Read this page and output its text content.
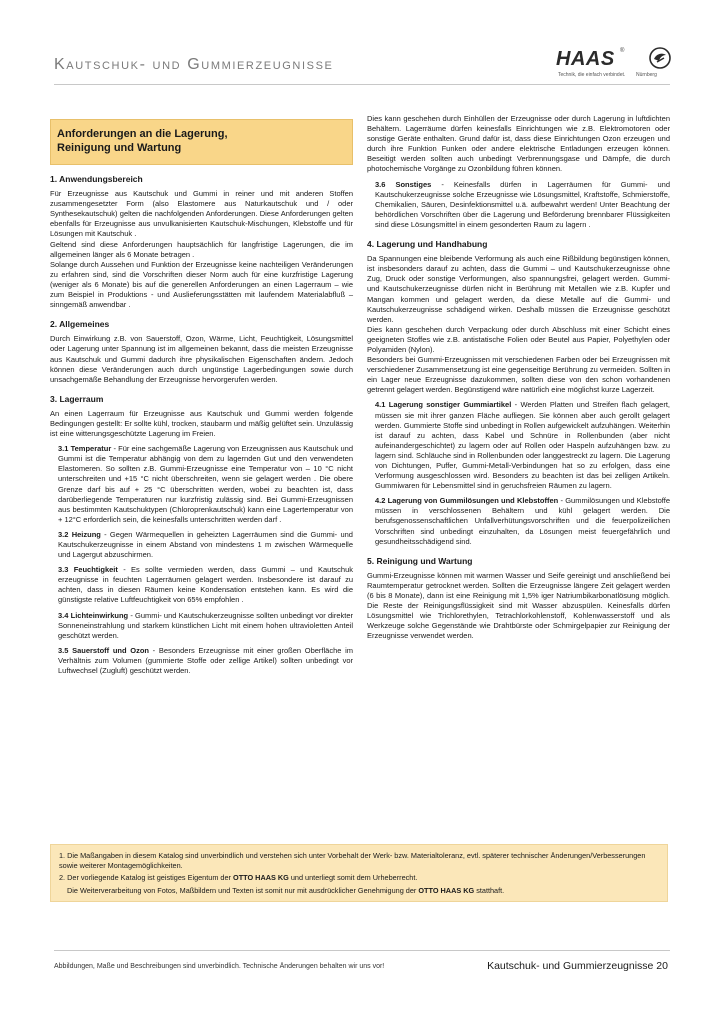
Kautschuk- und Gummierzeugnisse	HAAS ®
Technik, die einfach verbindet. Nürnberg
Anforderungen an die Lagerung,
Reinigung und Wartung

1. Anwendungsbereich

Für Erzeugnisse aus Kautschuk und Gummi in reiner und mit anderen Stoffen zusammengesetzter Form (also Elastomere aus Naturkautschuk und / oder Synthesekautschuk) gelten die nachfolgenden Anforderungen. Diese Anforderungen gelten ebenfalls für Erzeugnisse aus unvulkanisierten Kautschuk-Mischungen, Klebstoffe und für Lösungen mit Kautschuk .

Geltend sind diese Anforderungen hauptsächlich für langfristige Lagerungen, die im allgemeinen länger als 6 Monate betragen .

Solange durch Aussehen und Funktion der Erzeugnisse keine nachteiligen Veränderungen zu erfahren sind, sind die Vorschriften dieser Norm auch für eine kurzfristige Lagerung (weniger als 6 Monate) bis auf die generellen Anforderungen an einen Lagerraum – wie zum Beispiel in Produktions - und Auslieferungsstätten mit laufendem Materialabfluß – sinngemäß anwendbar .

2. Allgemeines

Durch Einwirkung z.B. von Sauerstoff, Ozon, Wärme, Licht, Feuchtigkeit, Lösungsmittel oder Lagerung unter Spannung ist im allgemeinen bekannt, dass die meisten Erzeugnisse aus Kautschuk und Gummi dadurch ihre physikalischen Eigenschaften ändern. Jedoch können diese Veränderungen auch durch ungünstige Lagerbedingungen sowie durch unsachgemäße Behandlung der Erzeugnisse hervorgerufen werden.

3. Lagerraum

An einen Lagerraum für Erzeugnisse aus Kautschuk und Gummi werden folgende Bedingungen gestellt: Er sollte kühl, trocken, staubarm und mäßig gelüftet sein. Unzulässig ist eine witterungsgeschützte Lagerung im Freien.

3.1 Temperatur - Für eine sachgemäße Lagerung von Erzeugnissen aus Kautschuk und Gummi ist die Temperatur abhängig von dem zu lagernden Gut und den verwendeten Elastomeren. So sollten z.B. Gummi-Erzeugnisse eine Temperatur von – 10 °C nicht unterschreiten und +15 °C nicht überschreiten, wenn sie gelagert werden . Die obere Grenze darf bis auf + 25 °C überschritten werden, wobei zu beachten ist, dass darüberliegende Temperaturen nur kurzfristig zulässig sind. Bei Gummi-Erzeugnissen aus bestimmten Kautschuktypen (Chloroprenkautschuk) kann eine Lagertemperatur von + 12°C erforderlich sein, die keinesfalls unterschritten werden darf .

3.2 Heizung - Gegen Wärmequellen in geheizten Lagerräumen sind die Gummi- und Kautschukerzeugnisse in einem Abstand von mindestens 1 m zwischen Wärmequelle und Lagergut abzuschirmen.

3.3 Feuchtigkeit - Es sollte vermieden werden, dass Gummi – und Kautschuk erzeugnisse in feuchten Lagerräumen gelagert werden. Insbesondere ist darauf zu achten, dass in diesen Räumen keine Kondensation entstehen kann. Es wird die günstigste relative Luftfeuchtigkeit von 65% empfohlen .

3.4 Lichteinwirkung - Gummi- und Kautschukerzeugnisse sollten unbedingt vor direkter Sonneneinstrahlung und starkem künstlichen Licht mit einem hohen ultravioletten Anteil geschützt werden.

3.5 Sauerstoff und Ozon - Besonders Erzeugnisse mit einer großen Oberfläche im Verhältnis zum Volumen (gummierte Stoffe oder zellige Artikel) sollten unbedingt vor Luftwechsel (Zugluft) geschützt werden.

Dies kann geschehen durch Einhüllen der Erzeugnisse oder durch Lagerung in luftdichten Behältern. Lagerräume dürfen keinesfalls Einrichtungen wie z.B. Elektromotoren oder sonstige Geräte enthalten. Grund dafür ist, dass diese Einrichtungen Ozon erzeugen und durch ihre Funktion Funken oder andere elektrische Entladungen erzeugen können. Beseitigt werden sollten auch unbedingt Verbrennungsgase und Dämpfe, die durch photochemische Vorgänge zu Ozonbildung führen können.

3.6 Sonstiges - Keinesfalls dürfen in Lagerräumen für Gummi- und Kautschukerzeugnisse solche Erzeugnisse wie Lösungsmittel, Kraftstoffe, Schmierstoffe, Chemikalien, Säuren, Desinfektionsmittel u.ä. aufbewahrt werden! Unter Beachtung der behördlichen Vorschriften über die Lagerung und Beförderung brennbarer Flüssigkeiten sind diese Lösungsmittel in einem gesonderten Raum zu lagern .

4. Lagerung und Handhabung

Da Spannungen eine bleibende Verformung als auch eine Rißbildung begünstigen können, ist insbesonders darauf zu achten, dass die Gummi – und Kautschukerzeugnisse ohne Zug, Druck oder sonstige Verformungen, also spannungsfrei, gelagert werden. Gummi- und Kautschukerzeugnisse dürfen nicht in Berührung mit Metallen wie z.B. Kupfer und Mangan kommen und gelagert werden, da diese Metalle auf die Gummi- und Kautschukerzeugnisse schädigend wirken. Deshalb müssen die Erzeugnisse geschützt werden.

Dies kann geschehen durch Verpackung oder durch Abschluss mit einer Schicht eines geeigneten Stoffes wie z.B. antistatische Folien oder Beutel aus Papier, Polyethylen oder Polyamiden (Nylon).

Besonders bei Gummi-Erzeugnissen mit verschiedenen Farben oder bei Erzeugnissen mit verschiedener Zusammensetzung ist eine gegenseitige Berührung zu vermeiden. Sollten in ein Lager neue Erzeugnisse dazukommen, sollten diese von den schon vorhandenen getrennt gelagert werden. Begünstigend wäre natürlich eine möglichst kurze Lagerzeit.

4.1 Lagerung sonstiger Gummiartikel - Werden Platten und Streifen flach gelagert, müssen sie mit ihrer ganzen Fläche aufliegen. Sie können aber auch gerollt gelagert werden. Gummierte Stoffe sind unbedingt in Rollen aufgewickelt aufzuhängen. Weiterhin ist darauf zu achten, dass Kabel und Schnüre in Rollenbunden (aber nicht aufeinandergeschichtet) zu lagern oder auf Rollen oder Haspeln aufzuhängen bzw. zu lagern sind. Schläuche sind in Rollenbunden oder langgestreckt zu lagern. Die Lagerung von Dichtungen, Puffer, Gummi-Metall-Verbindungen hat so zu erfolgen, dass eine Verformung ausgeschlossen wird. Besonders zu beachten ist das bei zelligen Artikeln. Gummiwaren für Lebensmittel sind in geruchsfreien Räumen zu lagern.

4.2 Lagerung von Gummilösungen und Klebstoffen - Gummilösungen und Klebstoffe müssen in verschlossenen Behältern und kühl gelagert werden. Die berufsgenossenschaftlichen Unfallverhütungsvorschriften und die feuerpolizeilichen Vorschriften sind unbedingt einzuhalten, da Lösungen meist feuergefährlich und gesundheitsschädigend sind.

5. Reinigung und Wartung

Gummi-Erzeugnisse können mit warmen Wasser und Seife gereinigt und anschließend bei Raumtemperatur getrocknet werden. Sollten die Erzeugnisse längere Zeit gelagert werden (6 bis 8 Monate), dann ist eine Reinigung mit 1,5% iger Natriumbikarbonatlösung möglich. Die Reste der Reinigungsflüssigkeit sind mit Wasser abzuspülen. Keinesfalls dürfen Lösungsmittel wie Trichlorethylen, Tetrachlorkohlenstoff, Kohlenwasserstoff und als Werkzeuge solche Gegenstände wie Drahtbürste oder Schmirgelpapier zur Reinigung der Erzeugnisse verwendet werden.

1. Die Maßangaben in diesem Katalog sind unverbindlich und verstehen sich unter Vorbehalt der Werk- bzw. Materialtoleranz, evtl. späterer technischer Änderungen/Verbesserungen sowie weiterer Montagemöglichkeiten.

2. Der vorliegende Katalog ist geistiges Eigentum der OTTO HAAS KG und unterliegt somit dem Urheberrecht.

Die Weiterverarbeitung von Fotos, Maßbildern und Texten ist somit nur mit ausdrücklicher Genehmigung der OTTO HAAS KG statthaft.

Abbildungen, Maße und Beschreibungen sind unverbindlich. Technische Änderungen behalten wir uns vor!	Kautschuk- und Gummierzeugnisse 20
